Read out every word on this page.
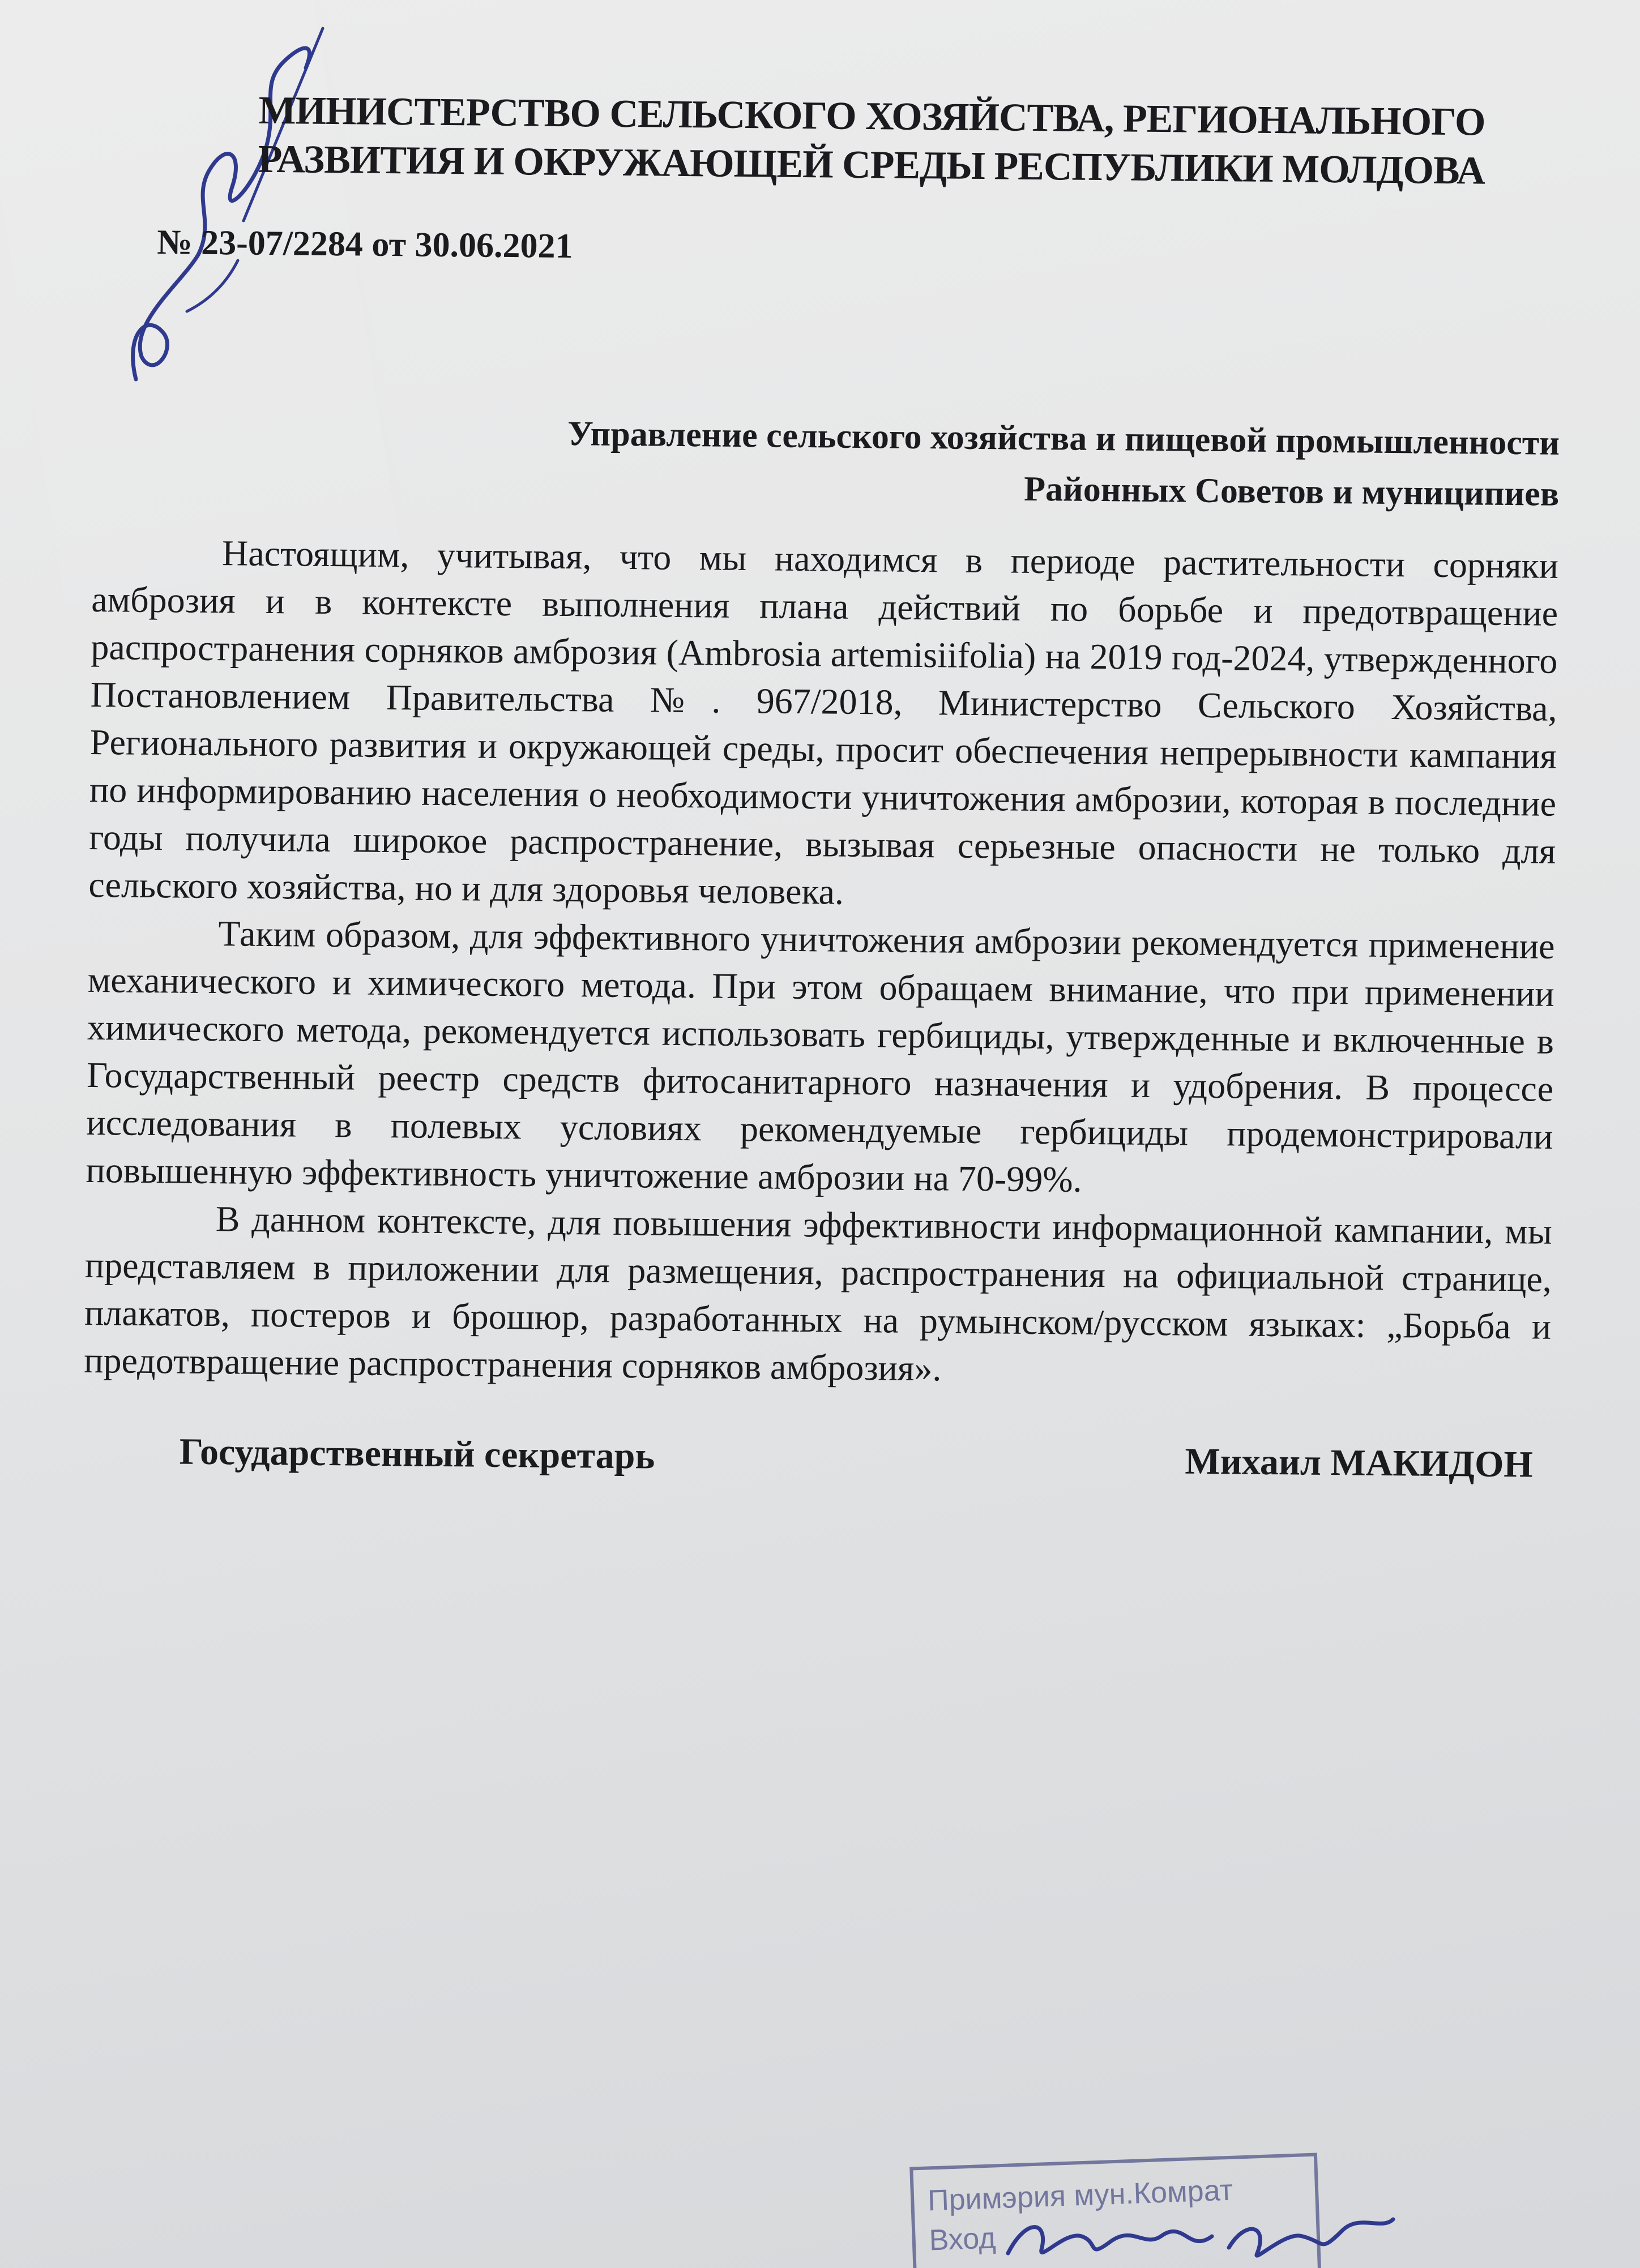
МИНИСТЕРСТВО СЕЛЬСКОГО ХОЗЯЙСТВА, РЕГИОНАЛЬНОГО
РАЗВИТИЯ И ОКРУЖАЮЩЕЙ СРЕДЫ РЕСПУБЛИКИ МОЛДОВА
№ 23-07/2284 от 30.06.2021
Управление сельского хозяйства и пищевой промышленности
Районных Советов и муниципиев

Настоящим, учитывая, что мы находимся в периоде растительности сорняки амброзия и в контексте выполнения плана действий по борьбе и предотвращение распространения сорняков амброзия (Ambrosia artemisiifolia) на 2019 год-2024, утвержденного Постановлением Правительства №. 967/2018, Министерство Сельского Хозяйства, Регионального развития и окружающей среды, просит обеспечения непрерывности кампания по информированию населения о необходимости уничтожения амброзии, которая в последние годы получила широкое распространение, вызывая серьезные опасности не только для сельского хозяйства, но и для здоровья человека.

Таким образом, для эффективного уничтожения амброзии рекомендуется применение механического и химического метода. При этом обращаем внимание, что при применении химического метода, рекомендуется использовать гербициды, утвержденные и включенные в Государственный реестр средств фитосанитарного назначения и удобрения. В процессе исследования в полевых условиях рекомендуемые гербициды продемонстрировали повышенную эффективность уничтожение амброзии на 70-99%.

В данном контексте, для повышения эффективности информационной кампании, мы представляем в приложении для размещения, распространения на официальной странице, плакатов, постеров и брошюр, разработанных на румынском/русском языках: „Борьба и предотвращение распространения сорняков амброзия».

Государственный секретарь	Михаил МАКИДОН
Примэрия мун.Комрат
Вход
